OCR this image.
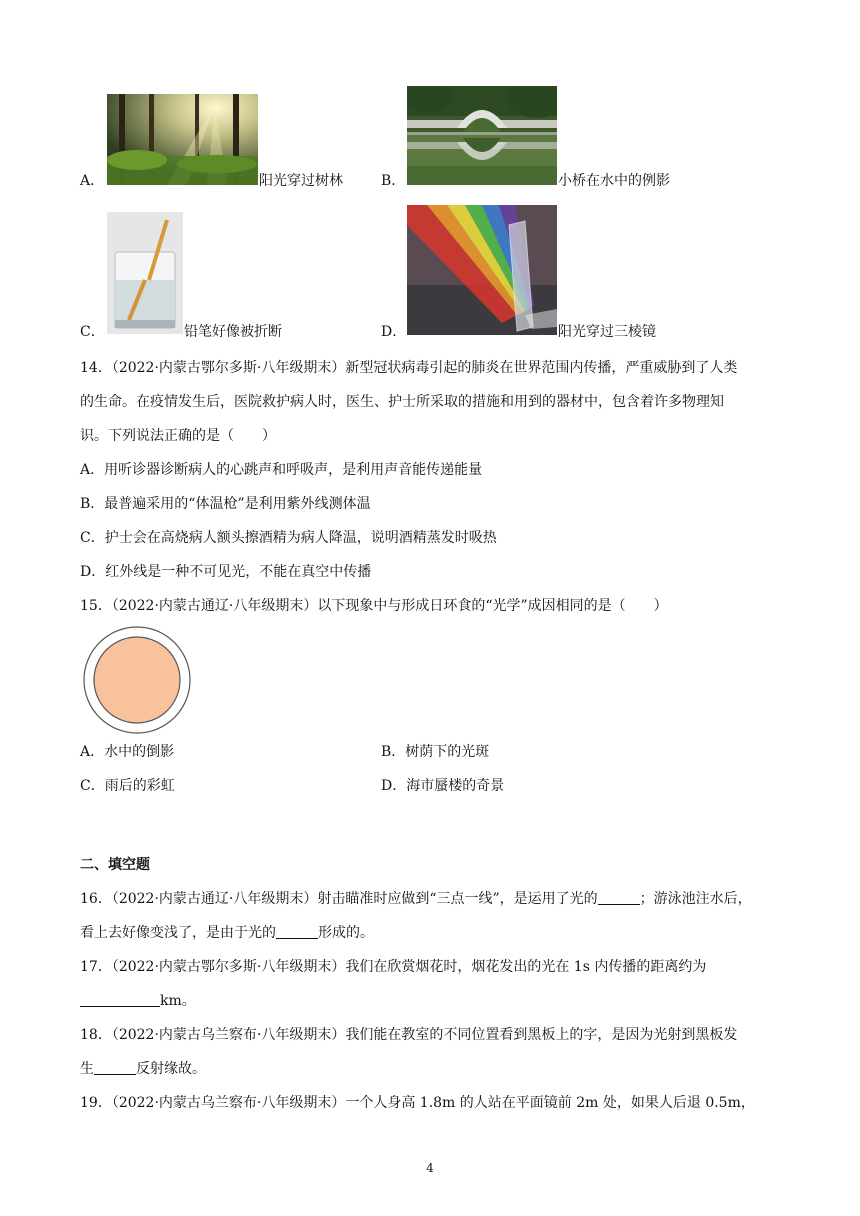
A．	阳光穿过树林	B．	小桥在水中的例影
C．	铅笔好像被折断	D．	阳光穿过三棱镜
14．（2022·内蒙古鄂尔多斯·八年级期末）新型冠状病毒引起的肺炎在世界范围内传播，严重威胁到了人类
的生命。在疫情发生后，医院救护病人时，医生、护士所采取的措施和用到的器材中，包含着许多物理知
识。下列说法正确的是（　　）
A．用听诊器诊断病人的心跳声和呼吸声，是利用声音能传递能量
B．最普遍采用的“体温枪”是利用紫外线测体温
C．护士会在高烧病人额头擦酒精为病人降温，说明酒精蒸发时吸热
D．红外线是一种不可见光，不能在真空中传播
15．（2022·内蒙古通辽·八年级期末）以下现象中与形成日环食的“光学”成因相同的是（　　）
A．水中的倒影	B．树荫下的光斑
C．雨后的彩虹	D．海市蜃楼的奇景
二、填空题
16．（2022·内蒙古通辽·八年级期末）射击瞄准时应做到“三点一线”，是运用了光的	；游泳池注水后，
看上去好像变浅了，是由于光的	形成的。
17．（2022·内蒙古鄂尔多斯·八年级期末）我们在欣赏烟花时，烟花发出的光在 1s 内传播的距离约为
km。
18．（2022·内蒙古乌兰察布·八年级期末）我们能在教室的不同位置看到黑板上的字，是因为光射到黑板发
生	反射缘故。
19．（2022·内蒙古乌兰察布·八年级期末）一个人身高 1.8m 的人站在平面镜前 2m 处，如果人后退 0.5m，
4
